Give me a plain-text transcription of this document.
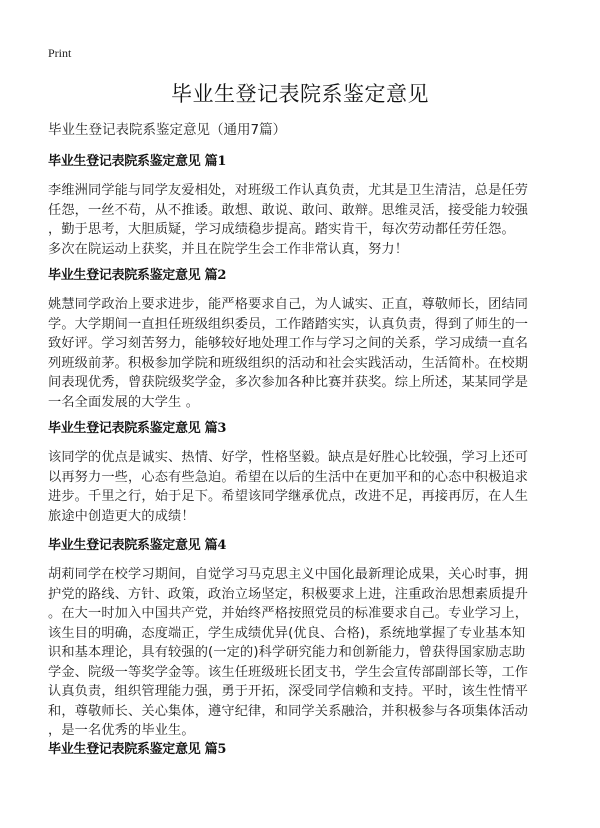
Print
毕业生登记表院系鉴定意见
毕业生登记表院系鉴定意见（通用7篇）
毕业生登记表院系鉴定意见 篇1

李维洲同学能与同学友爱相处，对班级工作认真负责，尤其是卫生清洁，总是任劳

任怨，一丝不苟，从不推诿。敢想、敢说、敢问、敢辩。思维灵活，接受能力较强

，勤于思考，大胆质疑，学习成绩稳步提高。踏实肯干，每次劳动都任劳任怨。

多次在院运动上获奖，并且在院学生会工作非常认真，努力！

毕业生登记表院系鉴定意见 篇2

姚慧同学政治上要求进步，能严格要求自己，为人诚实、正直，尊敬师长，团结同

学。大学期间一直担任班级组织委员，工作踏踏实实，认真负责，得到了师生的一

致好评。学习刻苦努力，能够较好地处理工作与学习之间的关系，学习成绩一直名

列班级前茅。积极参加学院和班级组织的活动和社会实践活动，生活简朴。在校期

间表现优秀，曾获院级奖学金，多次参加各种比赛并获奖。综上所述，某某同学是

一名全面发展的大学生 。

毕业生登记表院系鉴定意见 篇3

该同学的优点是诚实、热情、好学，性格坚毅。缺点是好胜心比较强，学习上还可

以再努力一些，心态有些急迫。希望在以后的生活中在更加平和的心态中积极追求

进步。千里之行，始于足下。希望该同学继承优点，改进不足，再接再厉，在人生

旅途中创造更大的成绩！

毕业生登记表院系鉴定意见 篇4

胡莉同学在校学习期间，自觉学习马克思主义中国化最新理论成果，关心时事，拥

护党的路线、方针、政策，政治立场坚定，积极要求上进，注重政治思想素质提升

。在大一时加入中国共产党，并始终严格按照党员的标准要求自己。专业学习上，

该生目的明确，态度端正，学生成绩优异(优良、合格)，系统地掌握了专业基本知

识和基本理论，具有较强的(一定的)科学研究能力和创新能力，曾获得国家励志助

学金、院级一等奖学金等。该生任班级班长团支书，学生会宣传部副部长等，工作

认真负责，组织管理能力强，勇于开拓，深受同学信赖和支持。平时，该生性情平

和，尊敬师长、关心集体，遵守纪律，和同学关系融洽，并积极参与各项集体活动

，是一名优秀的毕业生。

毕业生登记表院系鉴定意见 篇5
